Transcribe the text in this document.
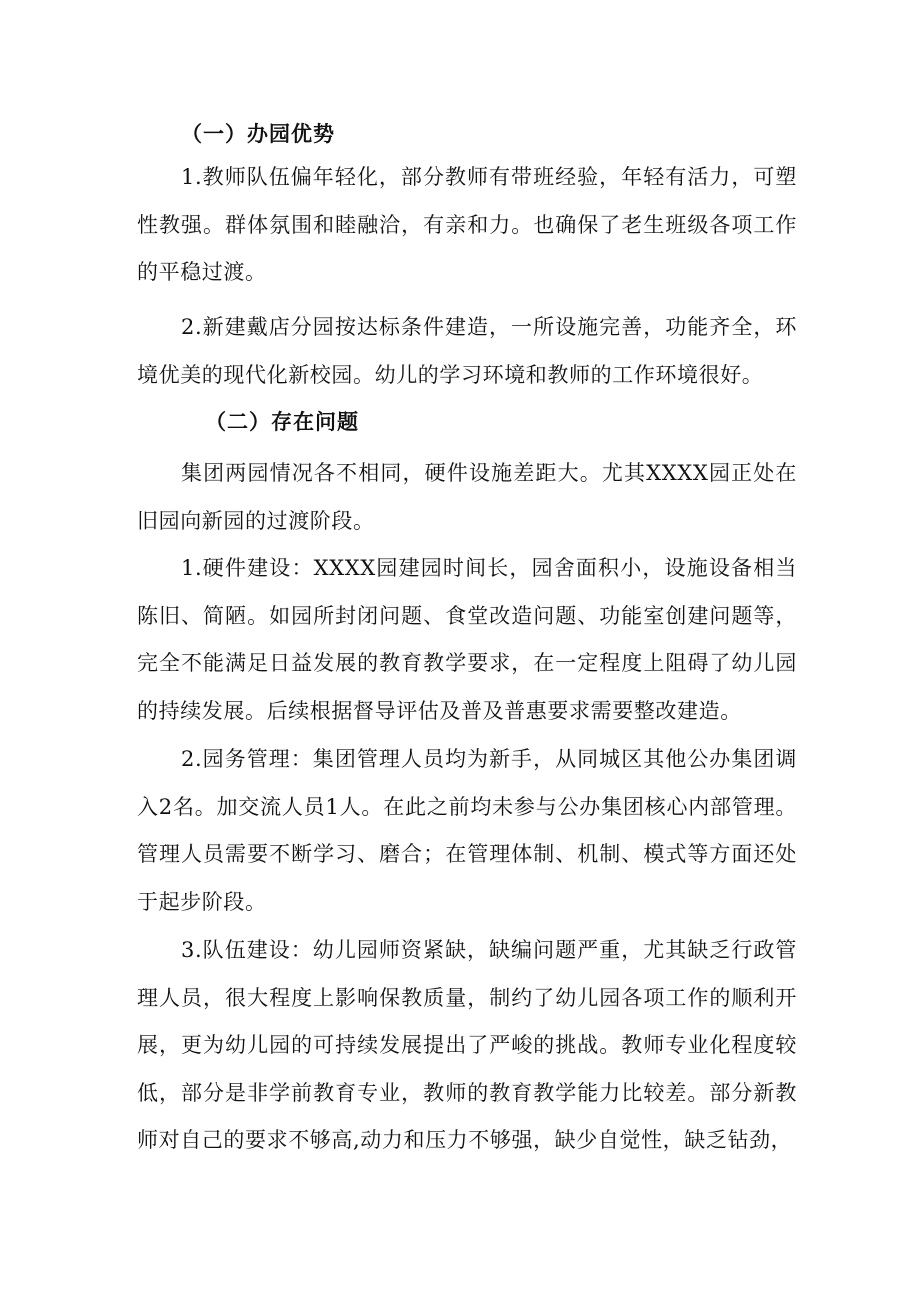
（一）办园优势

1.教师队伍偏年轻化，部分教师有带班经验，年轻有活力，可塑性教强。群体氛围和睦融洽，有亲和力。也确保了老生班级各项工作的平稳过渡。

2.新建戴店分园按达标条件建造，一所设施完善，功能齐全，环境优美的现代化新校园。幼儿的学习环境和教师的工作环境很好。

（二）存在问题

集团两园情况各不相同，硬件设施差距大。尤其XXXX园正处在旧园向新园的过渡阶段。

1.硬件建设：XXXX园建园时间长，园舍面积小，设施设备相当陈旧、简陋。如园所封闭问题、食堂改造问题、功能室创建问题等，完全不能满足日益发展的教育教学要求，在一定程度上阻碍了幼儿园的持续发展。后续根据督导评估及普及普惠要求需要整改建造。

2.园务管理：集团管理人员均为新手，从同城区其他公办集团调入2名。加交流人员1人。在此之前均未参与公办集团核心内部管理。管理人员需要不断学习、磨合；在管理体制、机制、模式等方面还处于起步阶段。

3.队伍建设：幼儿园师资紧缺，缺编问题严重，尤其缺乏行政管理人员，很大程度上影响保教质量，制约了幼儿园各项工作的顺利开展，更为幼儿园的可持续发展提出了严峻的挑战。教师专业化程度较低，部分是非学前教育专业，教师的教育教学能力比较差。部分新教师对自己的要求不够高,动力和压力不够强，缺少自觉性，缺乏钻劲，
